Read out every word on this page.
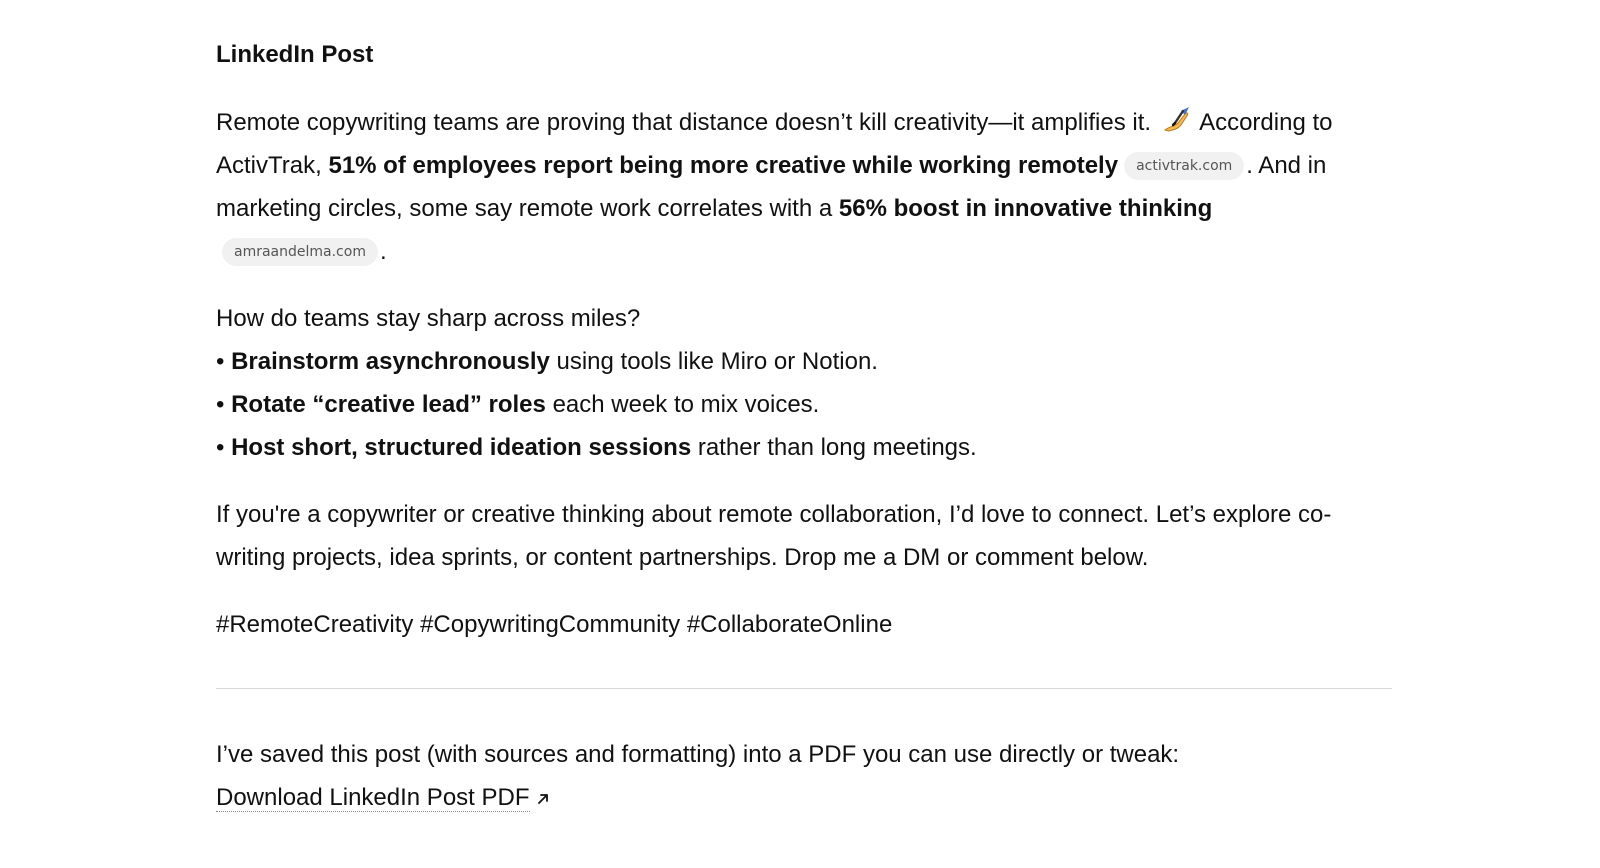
LinkedIn Post
Remote copywriting teams are proving that distance doesn’t kill creativity—it amplifies it. According to
ActivTrak, 51% of employees report being more creative while working remotely activtrak.com . And in
marketing circles, some say remote work correlates with a 56% boost in innovative thinking
amraandelma.com .
How do teams stay sharp across miles?
• Brainstorm asynchronously using tools like Miro or Notion.
• Rotate “creative lead” roles each week to mix voices.
• Host short, structured ideation sessions rather than long meetings.
If you're a copywriter or creative thinking about remote collaboration, I’d love to connect. Let’s explore co-
writing projects, idea sprints, or content partnerships. Drop me a DM or comment below.
#RemoteCreativity #CopywritingCommunity #CollaborateOnline
I’ve saved this post (with sources and formatting) into a PDF you can use directly or tweak:
Download LinkedIn Post PDF
